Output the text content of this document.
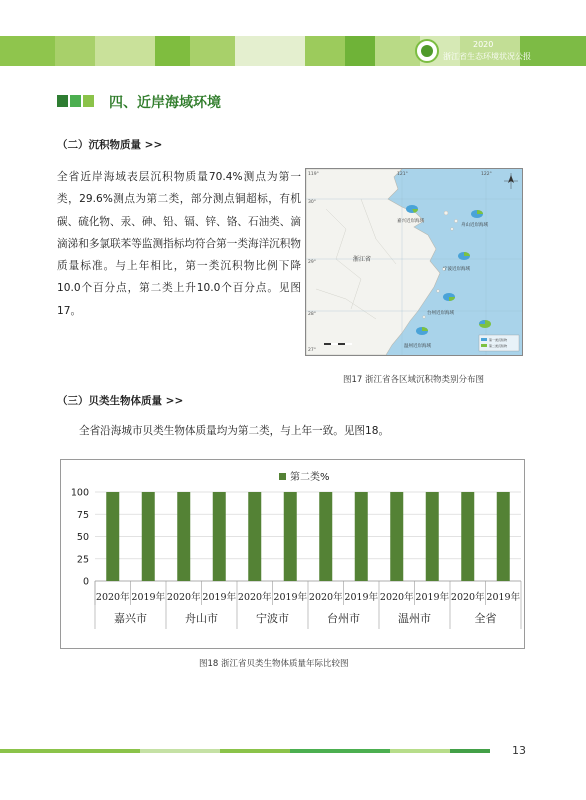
2020
浙江省生态环境状况公报
四、近岸海域环境
（二）沉积物质量 >>
全省近岸海域表层沉积物质量70.4%测点为第一类，29.6%测点为第二类，部分测点铜超标，有机碳、硫化物、汞、砷、铅、镉、锌、铬、石油类、滴滴涕和多氯联苯等监测指标均符合第一类海洋沉积物质量标准。与上年相比，第一类沉积物比例下降10.0个百分点，第二类上升10.0个百分点。见图17。
119°	121°	122°
30°
29°
28°
27°
浙江省
嘉兴近岸海域
舟山近岸海域
宁波近岸海域
台州近岸海域
温州近岸海域
第一类沉积物
第二类沉积物
图17 浙江省各区域沉积物类别分布图
（三）贝类生物体质量 >>
全省沿海城市贝类生物体质量均为第二类，与上年一致。见图18。
第二类%
0
25
50
75
100
2020年 2019年 2020年 2019年 2020年 2019年 2020年 2019年 2020年 2019年 2020年 2019年
嘉兴市	舟山市	宁波市	台州市	温州市	全省
图18 浙江省贝类生物体质量年际比较图
13
